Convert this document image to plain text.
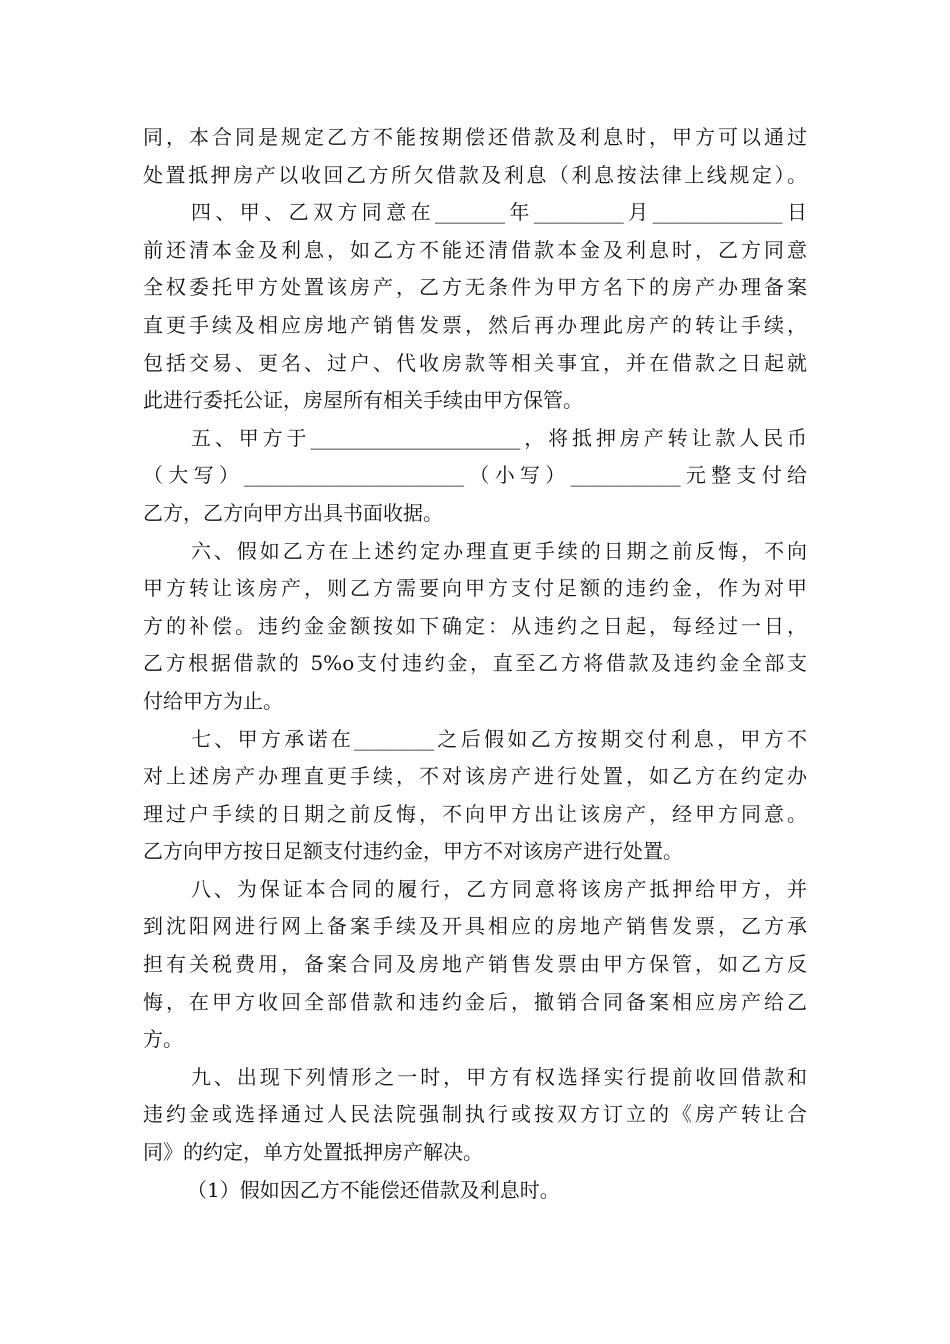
同，本合同是规定乙方不能按期偿还借款及利息时，甲方可以通过
处置抵押房产以收回乙方所欠借款及利息（利息按法律上线规定）。
四、甲、乙双方同意在_______年_________月_____________日
前还清本金及利息，如乙方不能还清借款本金及利息时，乙方同意
全权委托甲方处置该房产，乙方无条件为甲方名下的房产办理备案
直更手续及相应房地产销售发票，然后再办理此房产的转让手续，
包括交易、更名、过户、代收房款等相关事宜，并在借款之日起就
此进行委托公证，房屋所有相关手续由甲方保管。
五、甲方于_____________________，将抵押房产转让款人民币
（大写）______________________（小写）___________元整支付给
乙方，乙方向甲方出具书面收据。
六、假如乙方在上述约定办理直更手续的日期之前反悔，不向
甲方转让该房产，则乙方需要向甲方支付足额的违约金，作为对甲
方的补偿。违约金金额按如下确定：从违约之日起，每经过一日，
乙方根据借款的 5%o支付违约金，直至乙方将借款及违约金全部支
付给甲方为止。
七、甲方承诺在________之后假如乙方按期交付利息，甲方不
对上述房产办理直更手续，不对该房产进行处置，如乙方在约定办
理过户手续的日期之前反悔，不向甲方出让该房产，经甲方同意。
乙方向甲方按日足额支付违约金，甲方不对该房产进行处置。
八、为保证本合同的履行，乙方同意将该房产抵押给甲方，并
到沈阳网进行网上备案手续及开具相应的房地产销售发票，乙方承
担有关税费用，备案合同及房地产销售发票由甲方保管，如乙方反
悔，在甲方收回全部借款和违约金后，撤销合同备案相应房产给乙
方。
九、出现下列情形之一时，甲方有权选择实行提前收回借款和
违约金或选择通过人民法院强制执行或按双方订立的《房产转让合
同》的约定，单方处置抵押房产解决。
（1）假如因乙方不能偿还借款及利息时。
